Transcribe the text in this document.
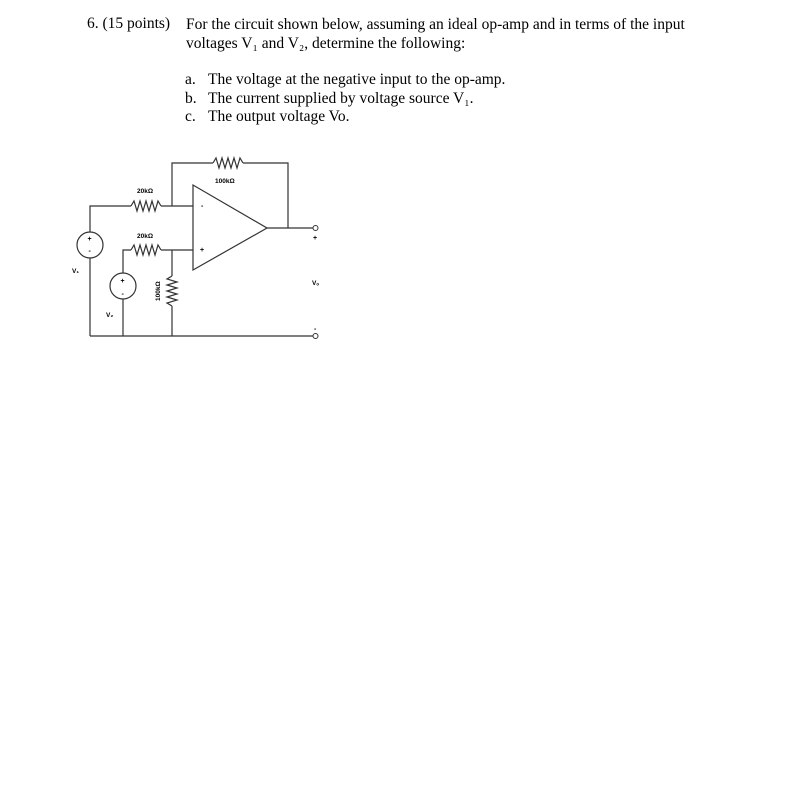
6. (15 points) For the circuit shown below, assuming an ideal op-amp and in terms of the input
voltages V₁ and V₂, determine the following:
a. The voltage at the negative input to the op-amp.
b. The current supplied by voltage source V₁.
c. The output voltage Vo.
-
+
100kΩ
+
Vₒ
-
20kΩ
20kΩ
100kΩ
+
-
V₁
+
-
V₂
